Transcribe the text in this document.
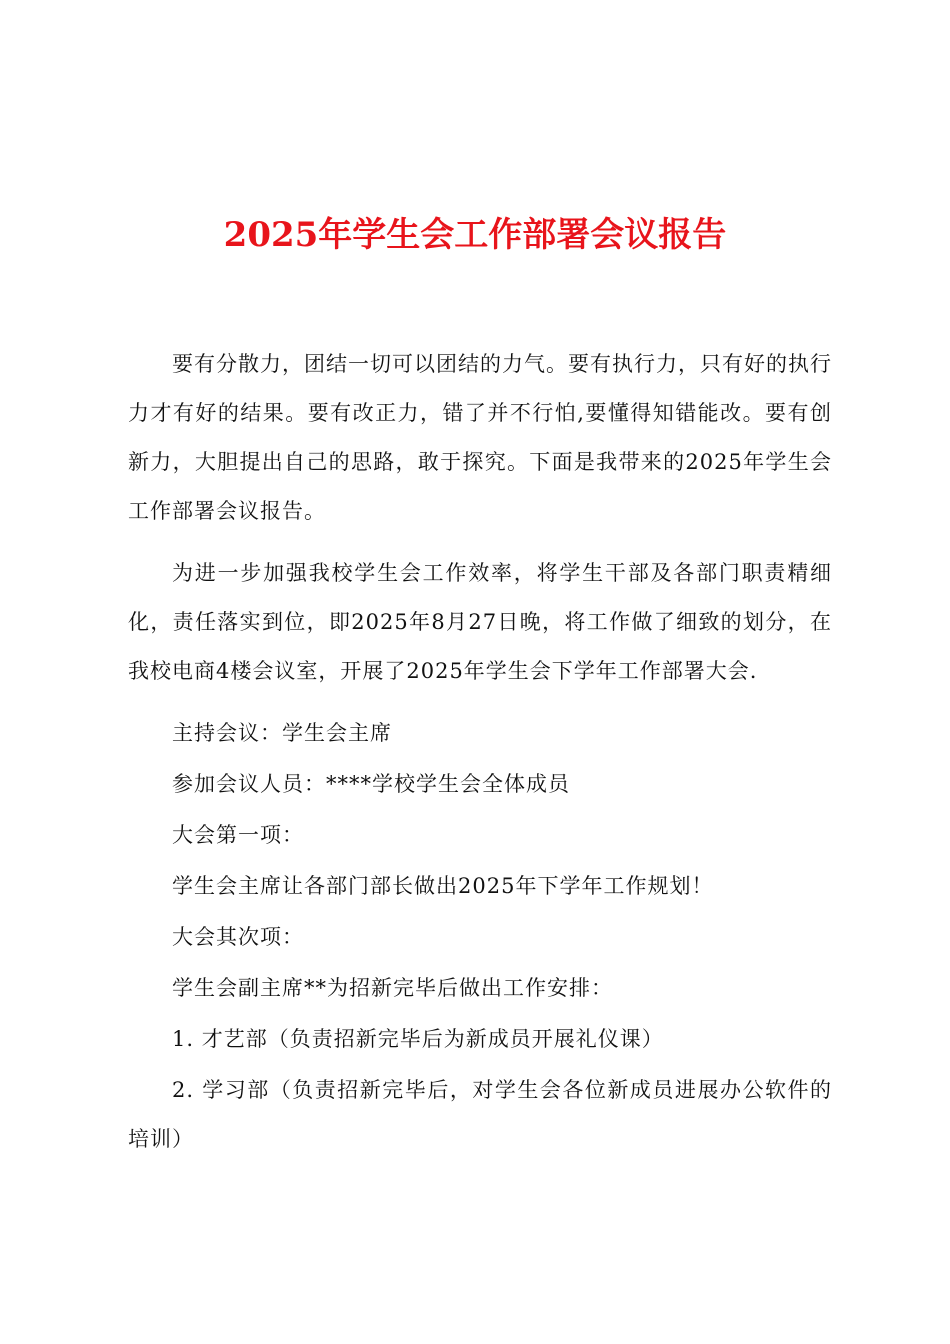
2025年学生会工作部署会议报告

要有分散力，团结一切可以团结的力气。要有执行力，只有好的执行力才有好的结果。要有改正力，错了并不行怕,要懂得知错能改。要有创新力，大胆提出自己的思路，敢于探究。下面是我带来的2025年学生会工作部署会议报告。

为进一步加强我校学生会工作效率，将学生干部及各部门职责精细化，责任落实到位，即2025年8月27日晚，将工作做了细致的划分，在我校电商4楼会议室，开展了2025年学生会下学年工作部署大会.

主持会议：学生会主席

参加会议人员：****学校学生会全体成员

大会第一项：

学生会主席让各部门部长做出2025年下学年工作规划！

大会其次项：

学生会副主席**为招新完毕后做出工作安排：

1. 才艺部（负责招新完毕后为新成员开展礼仪课）

2. 学习部（负责招新完毕后，对学生会各位新成员进展办公软件的培训）
